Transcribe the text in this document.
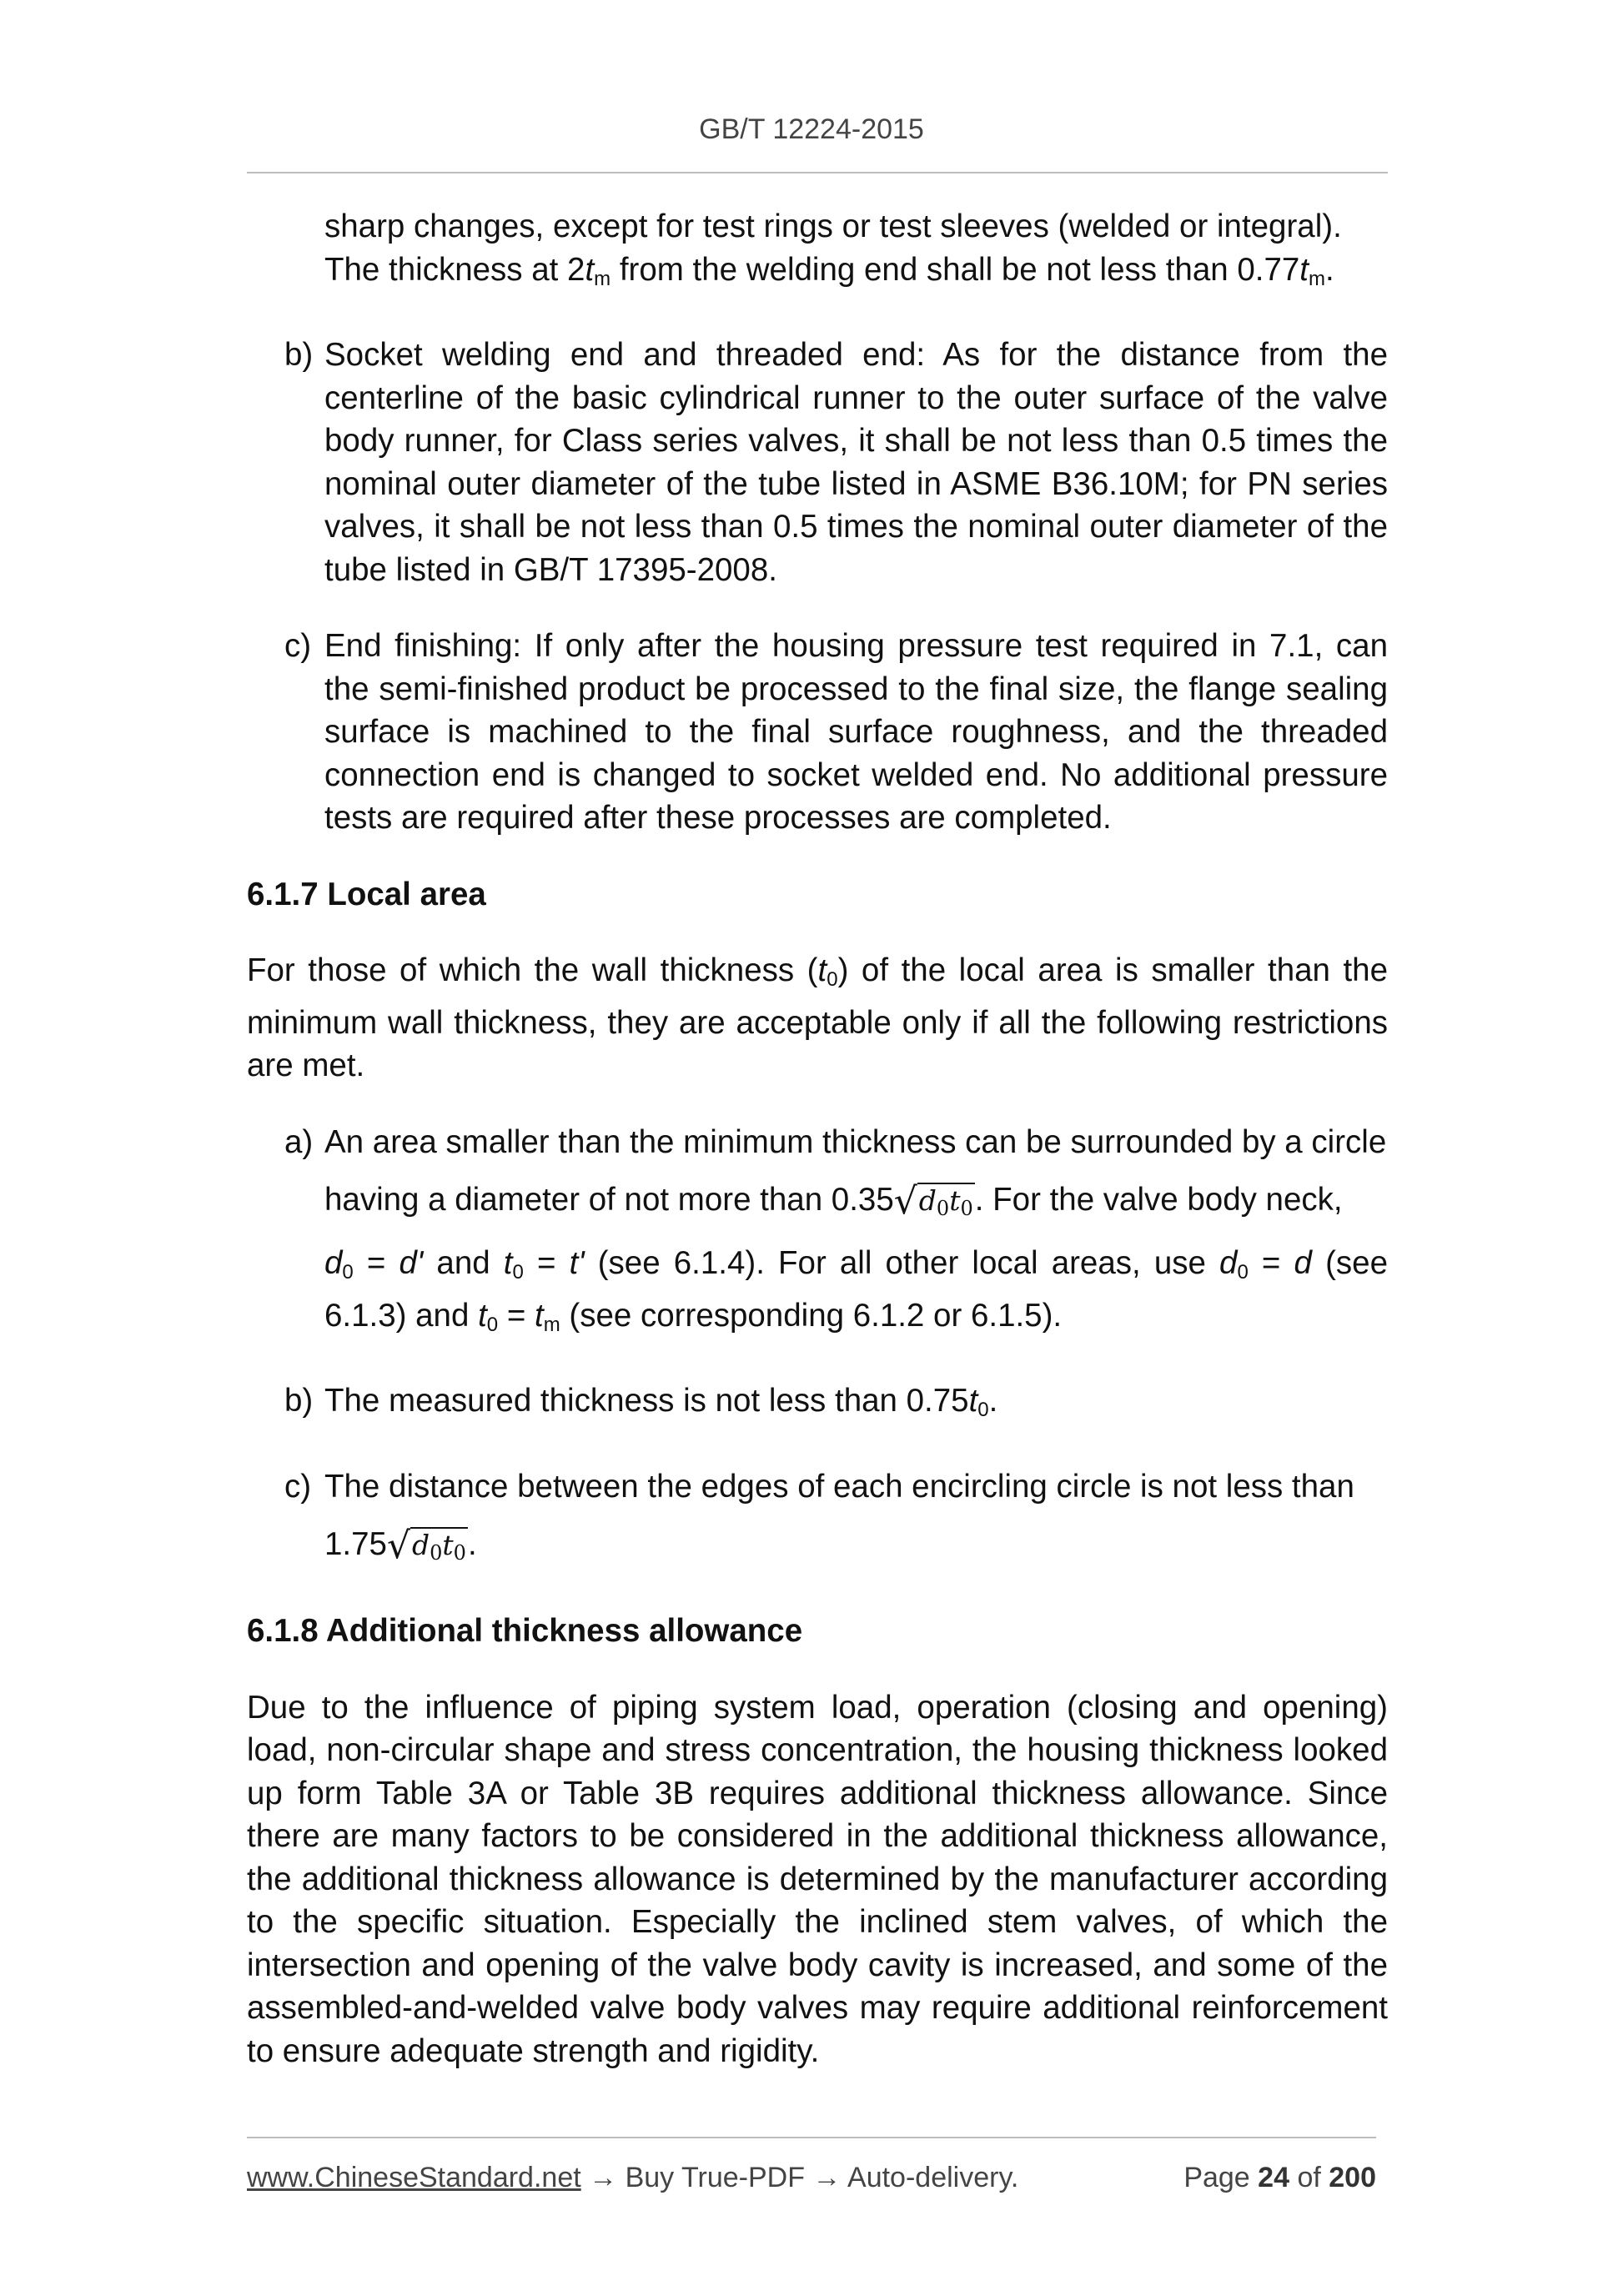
GB/T 12224-2015

sharp changes, except for test rings or test sleeves (welded or integral).
The thickness at $2t_m$ from the welding end shall be not less than $0.77t_m$.

b) Socket welding end and threaded end: As for the distance from the centerline of the basic cylindrical runner to the outer surface of the valve body runner, for Class series valves, it shall be not less than 0.5 times the nominal outer diameter of the tube listed in ASME B36.10M; for PN series valves, it shall be not less than 0.5 times the nominal outer diameter of the tube listed in GB/T 17395-2008.

c) End finishing: If only after the housing pressure test required in 7.1, can the semi-finished product be processed to the final size, the flange sealing surface is machined to the final surface roughness, and the threaded connection end is changed to socket welded end. No additional pressure tests are required after these processes are completed.

6.1.7 Local area

For those of which the wall thickness $(t_0)$ of the local area is smaller than the minimum wall thickness, they are acceptable only if all the following restrictions are met.

a) An area smaller than the minimum thickness can be surrounded by a circle
having a diameter of not more than $0.35√d_0t_0$. For the valve body neck,
$d_0 = d'$ and $t_0 = t'$ (see 6.1.4). For all other local areas, use $d_0 = d$ (see 6.1.3) and $t_0 = t_m$ (see corresponding 6.1.2 or 6.1.5).

b) The measured thickness is not less than $0.75t_0$.

c) The distance between the edges of each encircling circle is not less than
$1.75√d_0t_0$.

6.1.8 Additional thickness allowance

Due to the influence of piping system load, operation (closing and opening) load, non-circular shape and stress concentration, the housing thickness looked up form Table 3A or Table 3B requires additional thickness allowance. Since there are many factors to be considered in the additional thickness allowance, the additional thickness allowance is determined by the manufacturer according to the specific situation. Especially the inclined stem valves, of which the intersection and opening of the valve body cavity is increased, and some of the assembled-and-welded valve body valves may require additional reinforcement to ensure adequate strength and rigidity.

www.ChineseStandard.net → Buy True-PDF → Auto-delivery.	Page 24 of 200
